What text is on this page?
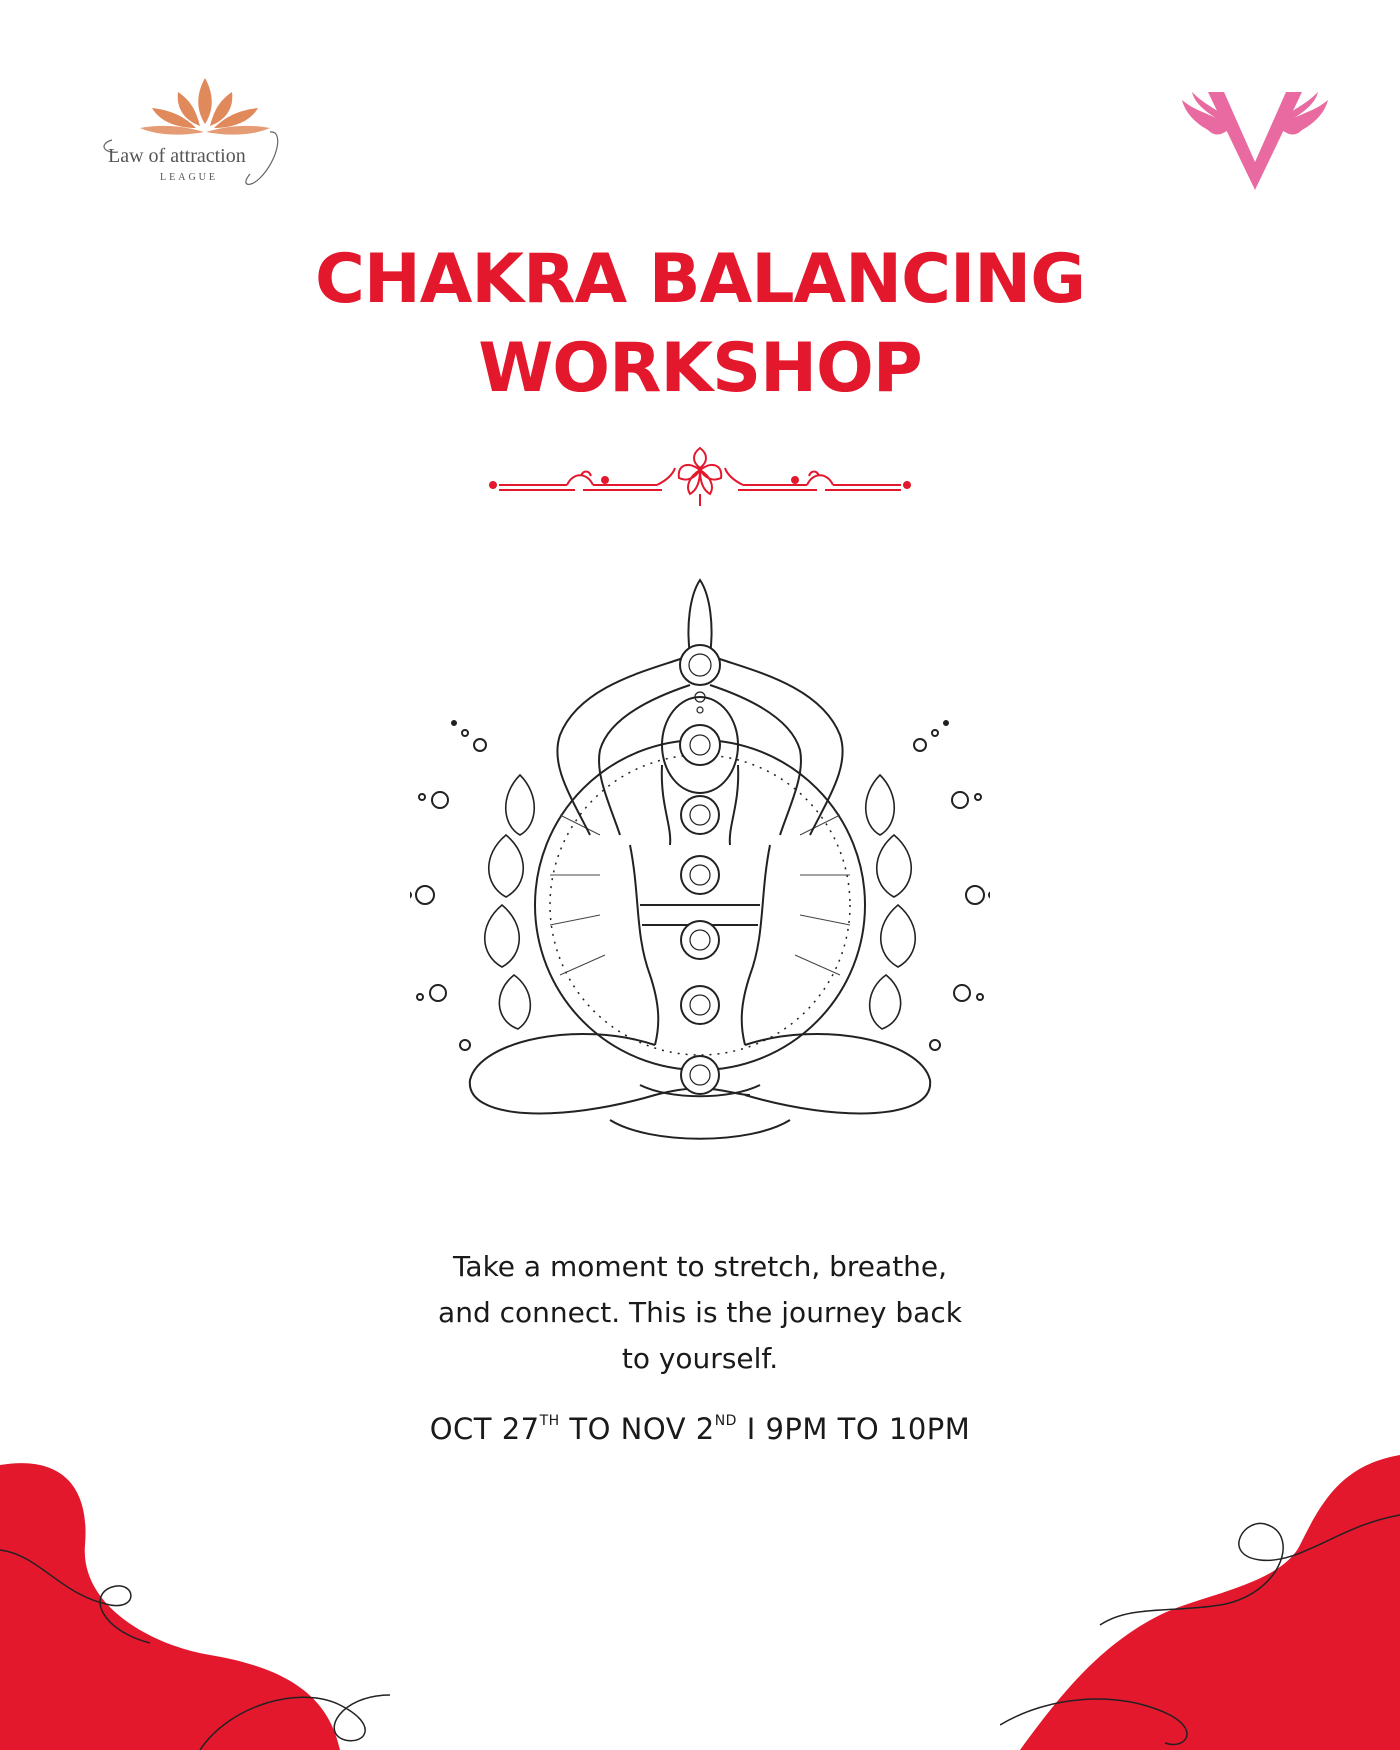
Law of attraction
LEAGUE
CHAKRA BALANCING
WORKSHOP

Take a moment to stretch, breathe,

and connect. This is the journey back

to yourself.

OCT 27TH TO NOV 2ND I 9PM TO 10PM
